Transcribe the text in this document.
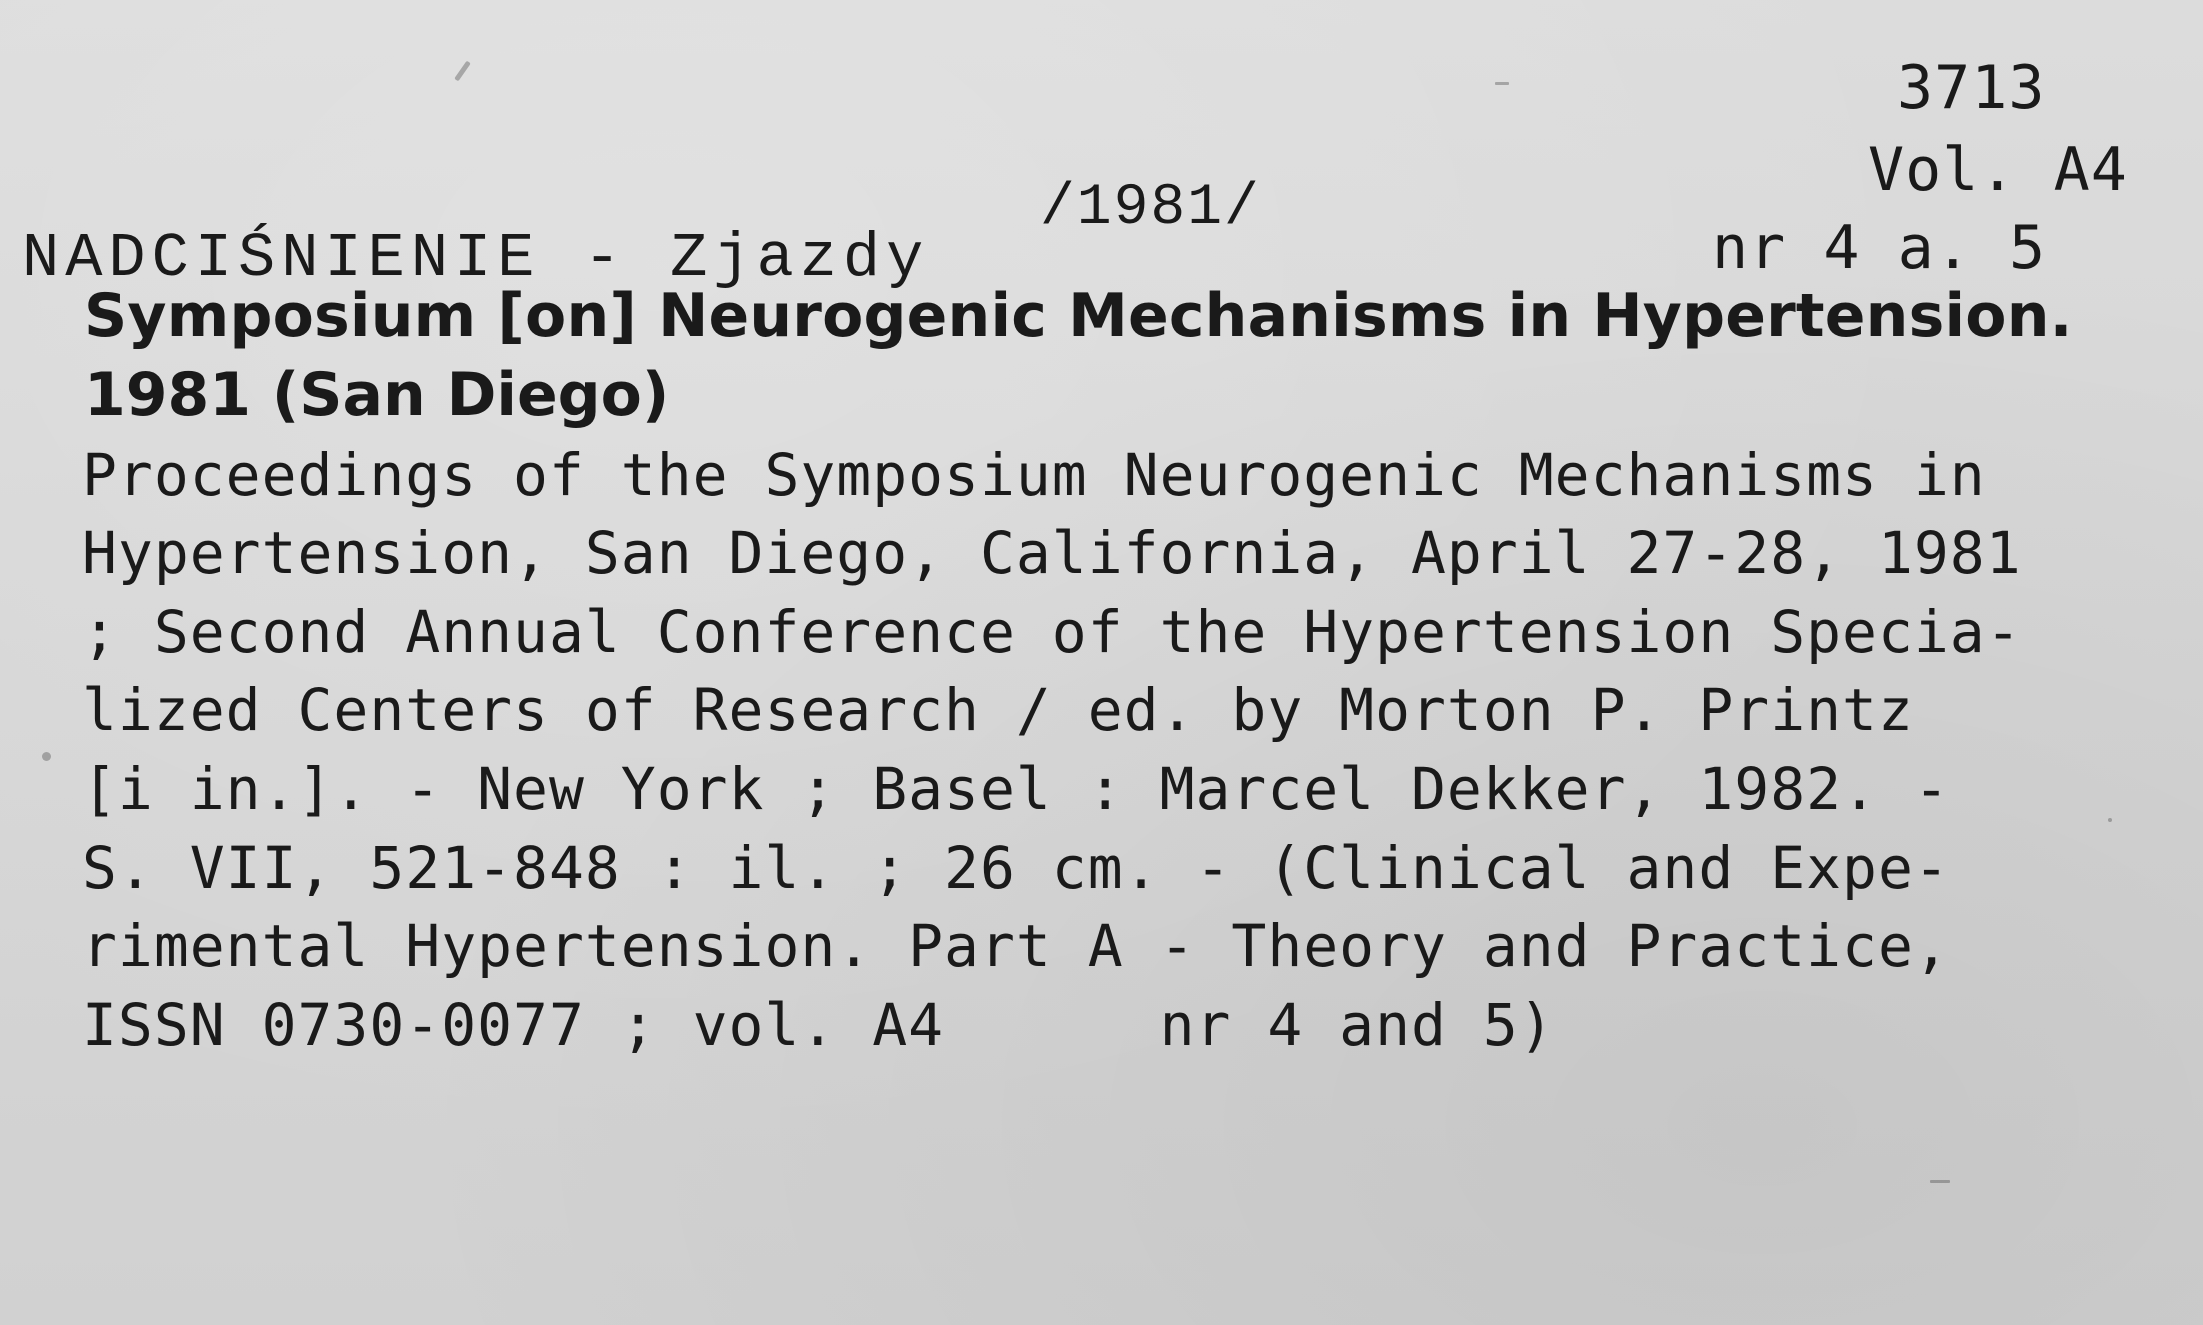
3713
Vol. A4
nr 4 a. 5
/1981/
NADCIŚNIENIE - Zjazdy
Symposium [on] Neurogenic Mechanisms in Hypertension.
1981 (San Diego)
Proceedings of the Symposium Neurogenic Mechanisms in
Hypertension, San Diego, California, April 27-28, 1981
; Second Annual Conference of the Hypertension Specia-
lized Centers of Research / ed. by Morton P. Printz
[i in.]. - New York ; Basel : Marcel Dekker, 1982. -
S. VII, 521-848 : il. ; 26 cm. - (Clinical and Expe-
rimental Hypertension. Part A - Theory and Practice,
ISSN 0730-0077 ; vol. A4      nr 4 and 5)
